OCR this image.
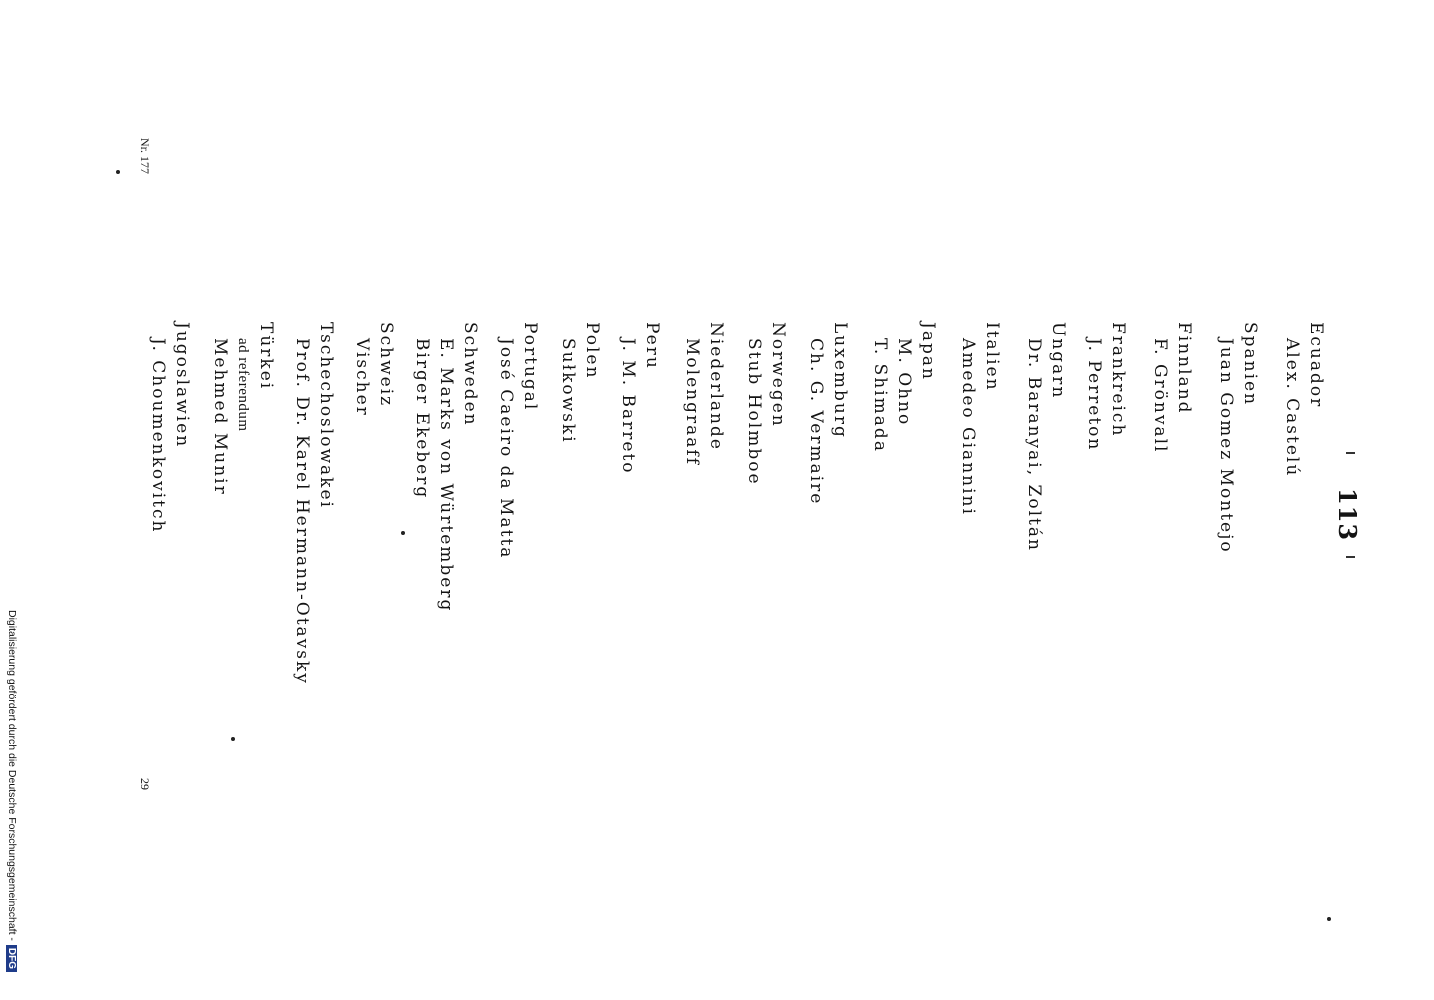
113
Nr. 177
29
Ecuador
Alex. Castelú
Spanien
Juan Gomez Montejo
Finnland
F. Grönvall
Frankreich
J. Perreton
Ungarn
Dr. Baranyai, Zoltán
Italien
Amedeo Giannini
Japan
M. Ohno
T. Shimada
Luxemburg
Ch. G. Vermaire
Norwegen
Stub Holmboe
Niederlande
Molengraaff
Peru
J. M. Barreto
Polen
Sułkowski
Portugal
José Caeiro da Matta
Schweden
E. Marks von Würtemberg
Birger Ekeberg
Schweiz
Vischer
Tschechoslowakei
Prof. Dr. Karel Hermann-Otavsky
Türkei
ad referendum
Mehmed Munir
Jugoslawien
J. Choumenkovitch
Digitalisierung gefördert durch die Deutsche Forschungsgemeinschaft -DFG
